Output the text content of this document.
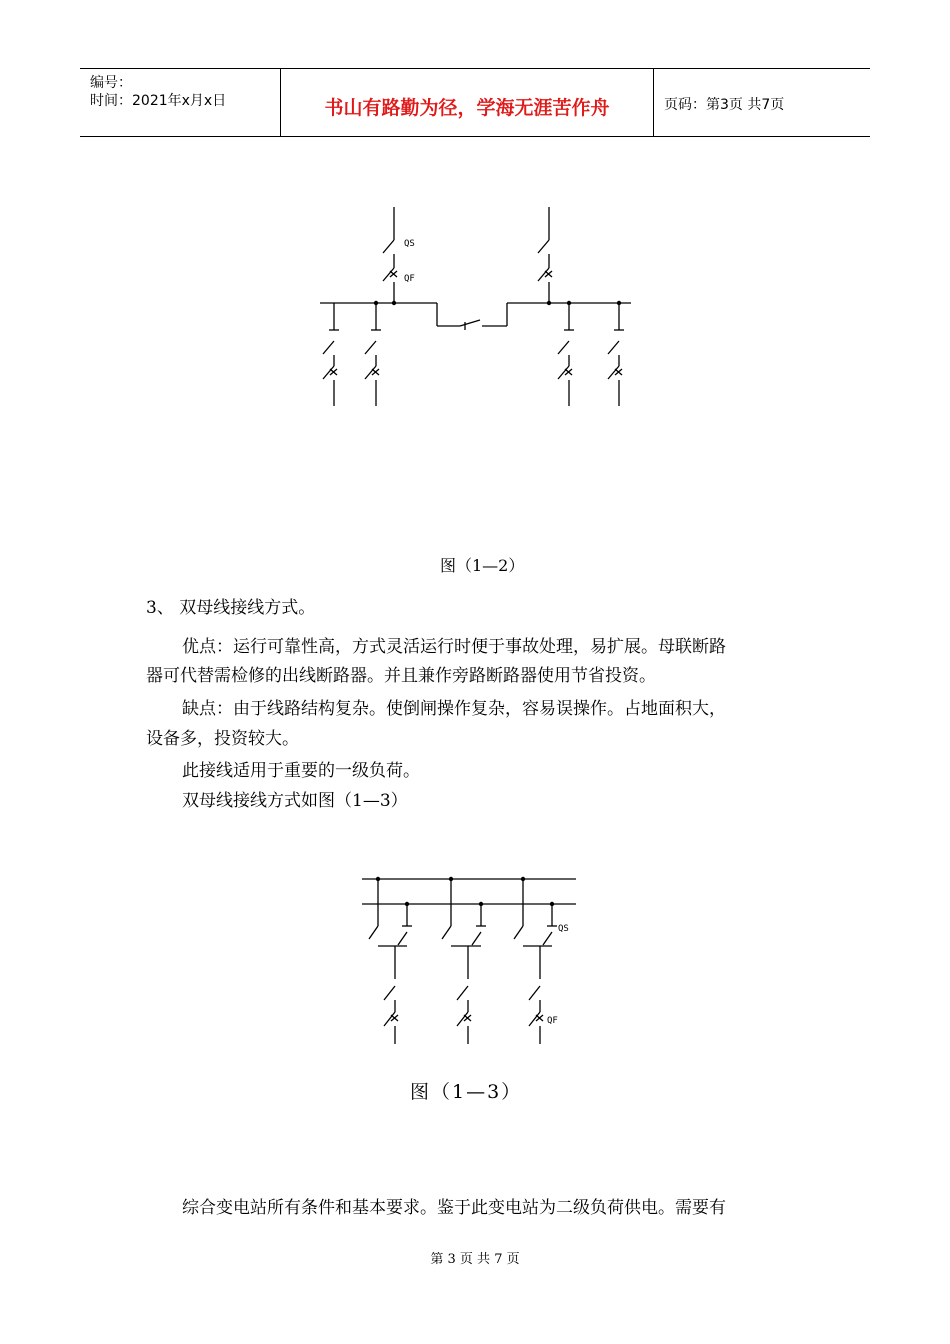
编号：
时间：2021年x月x日	书山有路勤为径，学海无涯苦作舟	页码：第3页 共7页
QS
QF
图（1—2）
3、 双母线接线方式。
优点：运行可靠性高，方式灵活运行时便于事故处理，易扩展。母联断路
器可代替需检修的出线断路器。并且兼作旁路断路器使用节省投资。
缺点：由于线路结构复杂。使倒闸操作复杂，容易误操作。占地面积大，
设备多，投资较大。
此接线适用于重要的一级负荷。
双母线接线方式如图（1—3）
QS
QF
图（1—3）
综合变电站所有条件和基本要求。鉴于此变电站为二级负荷供电。需要有
第 3 页 共 7 页
